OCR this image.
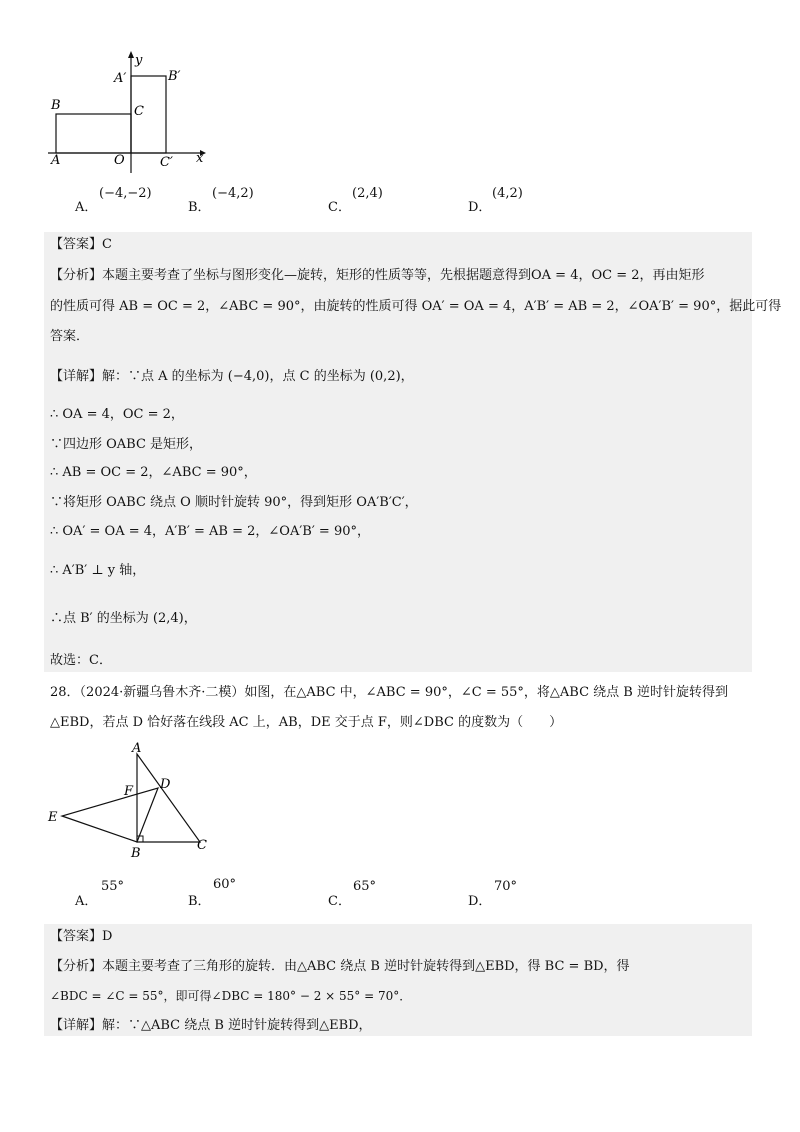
y
x
A′	B′
B	C
A	O	C′
A．
(−4,−2)
B．
(−4,2)
C．
(2,4)
D．
(4,2)
【答案】C
【分析】本题主要考查了坐标与图形变化—旋转，矩形的性质等等，先根据题意得到OA = 4，OC = 2，再由矩形
的性质可得 AB = OC = 2，∠ABC = 90°，由旋转的性质可得 OA′ = OA = 4，A′B′ = AB = 2，∠OA′B′ = 90°，据此可得
答案．
【详解】解：∵点 A 的坐标为 (−4,0)，点 C 的坐标为 (0,2)，
∴ OA = 4，OC = 2，
∵四边形 OABC 是矩形，
∴ AB = OC = 2，∠ABC = 90°，
∵将矩形 OABC 绕点 O 顺时针旋转 90°，得到矩形 OA′B′C′，
∴ OA′ = OA = 4，A′B′ = AB = 2，∠OA′B′ = 90°，
∴ A′B′ ⊥ y 轴，
∴点 B′ 的坐标为 (2,4)，
故选：C．
28．（2024·新疆乌鲁木齐·二模）如图，在△ABC 中，∠ABC = 90°，∠C = 55°，将△ABC 绕点 B 逆时针旋转得到
△EBD，若点 D 恰好落在线段 AC 上，AB，DE 交于点 F，则∠DBC 的度数为（　　）
A
D
F
E
B
C
A．
55°
B．
60°
C．
65°
D．
70°
【答案】D
【分析】本题主要考查了三角形的旋转．由△ABC 绕点 B 逆时针旋转得到△EBD，得 BC = BD，得
∠BDC = ∠C = 55°，即可得∠DBC = 180° − 2 × 55° = 70°．
【详解】解：∵△ABC 绕点 B 逆时针旋转得到△EBD，
